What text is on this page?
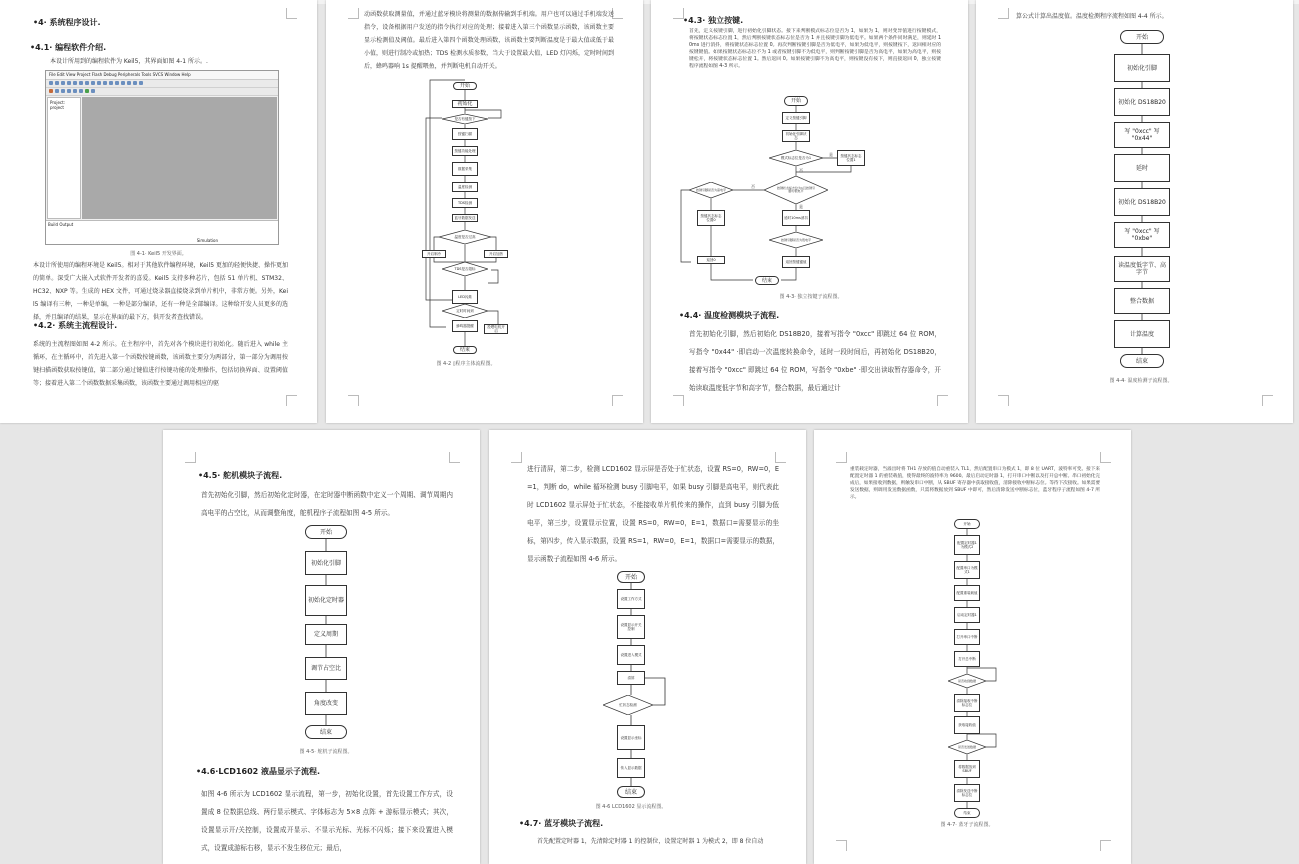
•4· 系统程序设计.
•4.1· 编程软件介绍.
本设计所用到的编程软件为 Keil5，其界面如图 4-1 所示。.
File Edit View Project Flash Debug Peripherals Tools SVCS Window Help
Project: project
Build Output
Simulation
图 4-1· Keil5 开发界面。
本设计所使用的编程环境是 Keil5。相对于其他软件编程环境，Keil5 更加的轻便快捷、操作更加的简单。深受广大嵌入式软件开发者的喜爱。Keil5 支持多种芯片，包括 51 单片机、STM32、HC32、NXP 等。生成的 HEX 文件，可通过烧录器直接烧录到单片机中，非常方便。另外，Keil5 编译有三种，一种是单编，一种是部分编译，还有一种是全部编译。这种给开发人员更多的选择，并且编译的结果，显示在界面的最下方，供开发者查找错误。
•4.2· 系统主流程设计.
系统的主流程图如图 4-2 所示。在主程序中，首先对各个模块进行初始化。随后进入 while 主循环，在主循环中，首先进入第一个函数按键函数，该函数主要分为两部分，第一部分为调用按键扫描函数获取按键值，第二部分通过键值进行按键功能的处理操作，包括切换界面、设置阈值等；接着进入第二个函数数据采集函数，该函数主要通过调用相应的驱
动函数获取测量值，并通过蓝牙模块将测量的数据传输到手机端。用户也可以通过手机端发送指令，设备根据用户发送的指令执行对应的处理；接着进入第三个函数显示函数，该函数主要显示检测值及阈值。最后进入第四个函数处理函数，该函数主要判断温度是于最大值或低于最小值，则进行制冷或加热；TDS 检测水质参数，当大于设置最大值，LED 灯闪烁，定时时间到后，蜂鸣器响 1s 提醒喂鱼，并判断电机自动开关。
开始
初始化
是否有键按下
按键扫描
按键功能处理
数据采集
温度检测
TDS检测
蓝牙数据发送
温度是否过高
开启制冷	开启加热
TDS是否超标
LED闪烁
定时时间到
蜂鸣器提醒	投喂电机开启
结束
图 4-2 ▯程序主体流程图。
•4.3· 独立按键.
首先，定义按键引脚，进行初始化引脚状态。接下来判断模式标志位是否为 1，如果为 1，则对变异值进行按键模式，将按键状态标志位置 1，然后判断按键状态标志位是否为 1 并且按键引脚为低电平。如果两个条件同时满足，则延时 10ms 进行消抖，将按键状态标志位置 0。再次判断按键引脚是否为低电平，如果为低电平，则按键按下，返回相对应的按键键值。如果按键状态标志位不为 1 或者按键引脚不为低电平，则判断按键引脚是否为高电平，如果为高电平，则按键松开，将按键状态标志位置 1。然后返回 0。如果按键引脚不为高电平，则按键没有按下，则直接返回 0，独立按键程序流程如图 4-3 所示。
是
否
否
是
开始
定义按键引脚
初始化引脚状态
模式标志位是否为1	按键状态标志位置1
按键状态标志位为1且按键引脚为低电平
按键引脚是否为高电平
延时10ms消抖
按键状态标志位置0
按键引脚是否为低电平
返回0	返回按键键值
结束
图 4-3· 独立按键子流程图。
•4.4· 温度检测模块子流程.
首先初始化引脚，然后初始化 DS18B20，接着写指令 "0xcc" 即跳过 64 位 ROM，写指令 "0x44" ·即启动一次温度转换命令，延时一段时间后，再初始化 DS18B20，接着写指令 "0xcc" 即跳过 64 位 ROM，写指令 "0xbe" ·即交出读取暂存器命令，开始读取温度低字节和高字节，整合数据，最后通过计
算公式计算出温度值。温度检测程序流程如图 4-4 所示。
开始
初始化引脚
初始化 DS18B20
写 "0xcc" 写 "0x44"
延时
初始化 DS18B20
写 "0xcc" 写 "0xbe"
读温度低字节、高字节
整合数据
计算温度
结束
图 4-4· 温度检测子流程图。
•4.5· 舵机模块子流程.
首先初始化引脚，然后初始化定时器，在定时器中断函数中定义一个周期、调节周期内高电平的占空比，从而调整角度，舵机程序子流程如图 4-5 所示。
开始
初始化引脚
初始化定时器
定义周期
调节占空比
角度改变
结束
图 4-5· 舵机子流程图。
•4.6·LCD1602 液晶显示子流程.
如图 4-6 所示为 LCD1602 显示流程，第一步，初始化设置，首先设置工作方式，设置成 8 位数据总线、两行显示模式、字体标志为 5×8 点阵 + 游标显示模式；其次，设置显示开/关控制，设置成开显示、不显示光标、光标不闪烁；接下来设置进入模式，设置成游标右移，显示不发生移位元；最后，
进行清屏，第二步，检测 LCD1602 显示屏是否处于忙状态，设置 RS=0，RW=0，E=1，判断 do，while 循环检测 busy 引脚电平，如果 busy 引脚是高电平，则代表此时 LCD1602 显示屏处于忙状态，不能接收单片机传来的操作，直到 busy 引脚为低电平，第三步，设置显示位置，设置 RS=0，RW=0，E=1，数据口=需要显示的坐标，第四步，传入显示数据，设置 RS=1，RW=0，E=1，数据口=需要显示的数据，显示函数子流程如图 4-6 所示。
开始
设置工作方式
设置显示开关控制
设置进入模式
清屏
忙状态检测
设置显示坐标
传入显示数据
结束
图 4-6 LCD1602 显示流程图。
•4.7· 蓝牙模块子流程.
首先配置定时器 1，先清除定时器 1 的控制位，设置定时器 1 为模式 2，即 8 位自动
重装载定时器，当溢出时将 TH1 存放的值自动重装入 TL1，然后配置串口为模式 1，即 8 位 UART，波特率可变。接下来配置定时器 1 的重装载值，使得最终的波特率为 9600。最后启动定时器 1，打开串口中断以及打开总中断。串口初始化完成后，如果接收到数据，则触发串口中断，从 SBUF 寄存器中获取接收值，清除接收中断标志位。等待下次接收。如果需要发送数据，则调用发送数据函数，只需将数据放到 SBUF 中即可，然后清除发送中断标志位，蓝牙程序子流程如图 4-7 所示。
开始
配置定时器1为模式2
配置串口为模式1
配置重装载值
启动定时器1
打开串口中断
打开总中断
是否收到数据
清除接收中断标志位
获取接收值
是否发送数据
将数据放到SBUF
清除发送中断标志位
结束
图 4-7· 蓝牙子流程图。
